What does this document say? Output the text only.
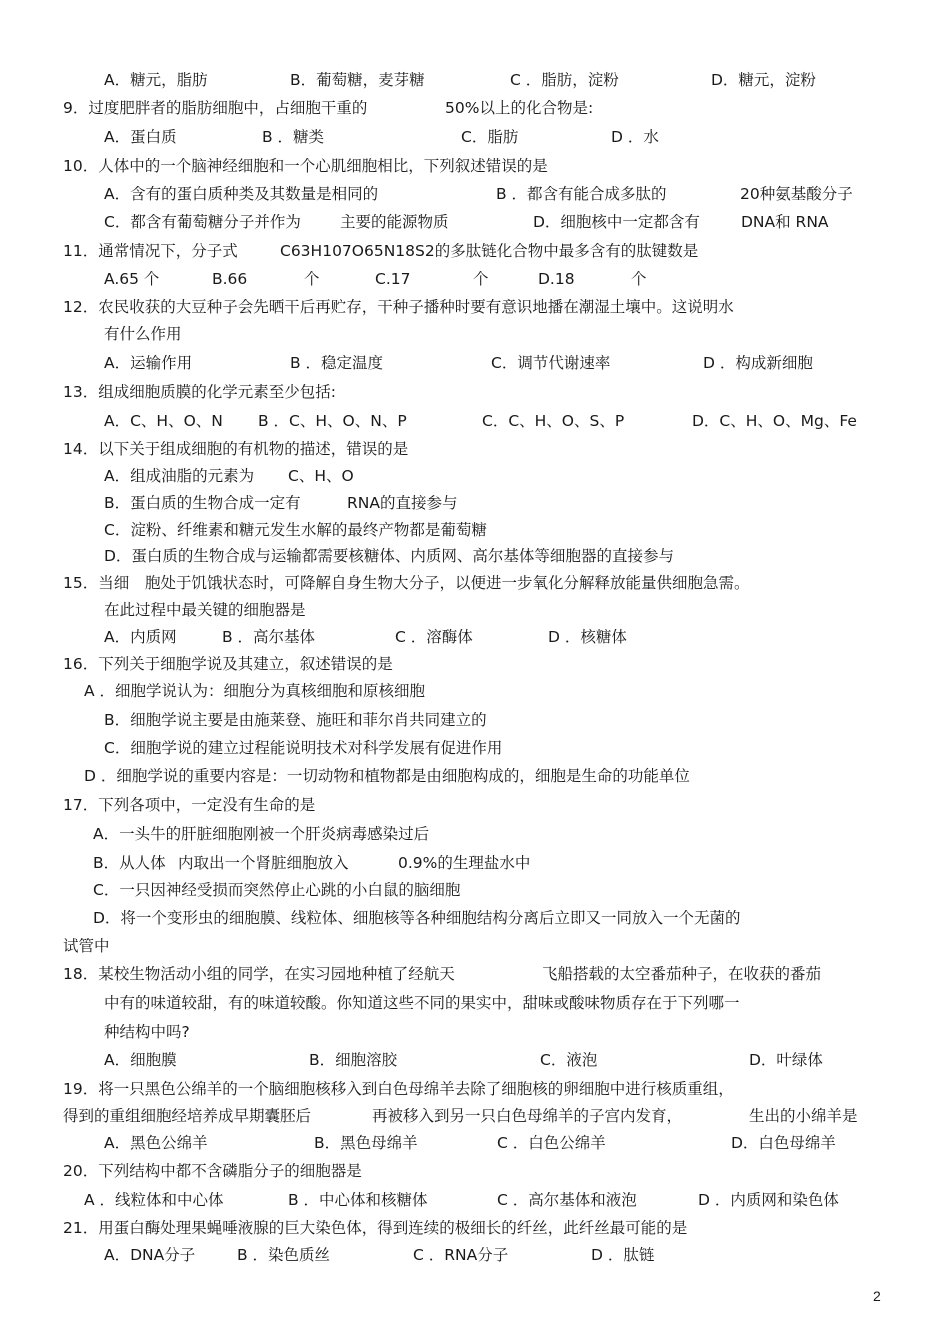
A．糖元，脂肪	B．葡萄糖，麦芽糖	C ．脂肪，淀粉	D．糖元，淀粉
9．过度肥胖者的脂肪细胞中，占细胞干重的	50%以上的化合物是:
A．蛋白质	B ．糖类	C．脂肪	D ．水
10．人体中的一个脑神经细胞和一个心肌细胞相比，下列叙述错误的是
A．含有的蛋白质种类及其数量是相同的	B ．都含有能合成多肽的	20种氨基酸分子
C．都含有葡萄糖分子并作为	主要的能源物质	D．细胞核中一定都含有	DNA和 RNA
11．通常情况下，分子式	C63H107O65N18S2的多肽链化合物中最多含有的肽键数是
A.65 个	B.66	个	C.17	个	D.18	个
12．农民收获的大豆种子会先晒干后再贮存，干种子播种时要有意识地播在潮湿土壤中。这说明水
有什么作用
A．运输作用	B ．稳定温度	C．调节代谢速率	D ．构成新细胞
13．组成细胞质膜的化学元素至少包括:
A．C、H、O、N B ．C、H、O、N、P	C．C、H、O、S、P	D．C、H、O、Mg、Fe
14．以下关于组成细胞的有机物的描述，错误的是
A．组成油脂的元素为 C、H、O
B．蛋白质的生物合成一定有	RNA的直接参与
C．淀粉、纤维素和糖元发生水解的最终产物都是葡萄糖
D．蛋白质的生物合成与运输都需要核糖体、内质网、高尔基体等细胞器的直接参与
15．当细 胞处于饥饿状态时，可降解自身生物大分子，以便进一步氧化分解释放能量供细胞急需。
在此过程中最关键的细胞器是
A．内质网	B ．高尔基体	C ．溶酶体	D ．核糖体
16．下列关于细胞学说及其建立，叙述错误的是
A ．细胞学说认为：细胞分为真核细胞和原核细胞
B．细胞学说主要是由施莱登、施旺和菲尔肖共同建立的
C．细胞学说的建立过程能说明技术对科学发展有促进作用
D ．细胞学说的重要内容是：一切动物和植物都是由细胞构成的，细胞是生命的功能单位
17．下列各项中，一定没有生命的是
A．一头牛的肝脏细胞刚被一个肝炎病毒感染过后
B．从人体 内取出一个肾脏细胞放入	0.9%的生理盐水中
C．一只因神经受损而突然停止心跳的小白鼠的脑细胞
D．将一个变形虫的细胞膜、线粒体、细胞核等各种细胞结构分离后立即又一同放入一个无菌的
试管中
18．某校生物活动小组的同学，在实习园地种植了经航天	飞船搭载的太空番茄种子，在收获的番茄
中有的味道较甜，有的味道较酸。你知道这些不同的果实中，甜味或酸味物质存在于下列哪一
种结构中吗?
A．细胞膜	B．细胞溶胶	C．液泡	D．叶绿体
19．将一只黑色公绵羊的一个脑细胞核移入到白色母绵羊去除了细胞核的卵细胞中进行核质重组，
得到的重组细胞经培养成早期囊胚后	再被移入到另一只白色母绵羊的子宫内发育，	生出的小绵羊是
A．黑色公绵羊	B．黑色母绵羊	C ．白色公绵羊	D．白色母绵羊
20．下列结构中都不含磷脂分子的细胞器是
A ．线粒体和中心体	B ．中心体和核糖体	C ．高尔基体和液泡	D ．内质网和染色体
21．用蛋白酶处理果蝇唾液腺的巨大染色体，得到连续的极细长的纤丝，此纤丝最可能的是
A．DNA分子	B ．染色质丝	C ．RNA分子	D ．肽链
2
